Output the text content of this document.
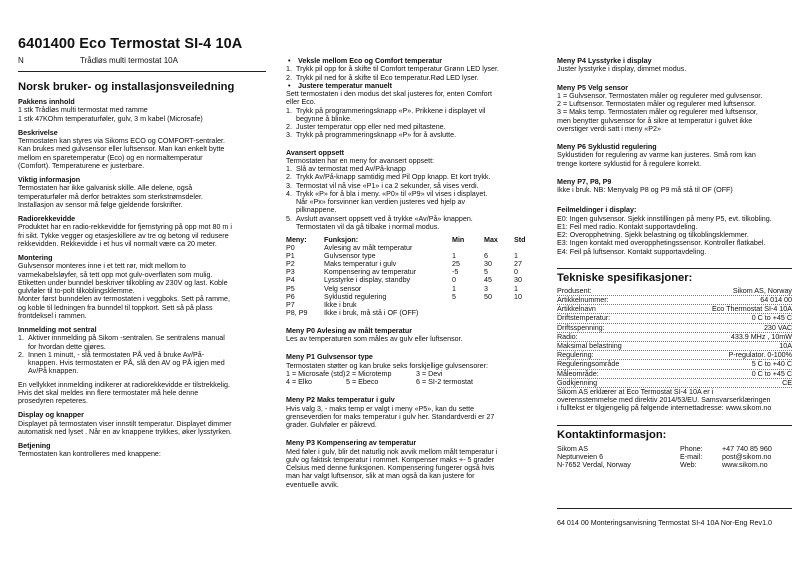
6401400 Eco Termostat SI-4 10A
N	Trådløs multi termostat 10A
Norsk bruker- og installasjonsveiledning
Pakkens innhold
1 stk Trådløs multi termostat med ramme
1 stk 47KOhm temperaturføler, gulv, 3 m kabel (Microsafe)
Beskrivelse
Termostaten kan styres via Sikoms ECO og COMFORT-sentraler.
Kan brukes med gulvsensor eller luftsensor. Man kan enkelt bytte
mellom en sparetemperatur (Eco) og en normaltemperatur
(Comfort). Temperaturene er justerbare.
Viktig informasjon
Termostaten har ikke galvanisk skille. Alle delene, også
temperaturføler må derfor betraktes som sterkstrømsdeler.
Installasjon av sensor må følge gjeldende forskrifter.
Radiorekkevidde
Produktet har en radio-rekkevidde for fjernstyring på opp mot 80 m i
fri sikt. Tykke vegger og etasjeskillere av tre og betong vil redusere
rekkevidden. Rekkevidde i et hus vil normalt være ca 20 meter.
Montering
Gulvsensor monteres inne i et tett rør, midt mellom to
varmekabelsløyfer, så tett opp mot gulv-overflaten som mulig.
Etiketten under bunndel beskriver tilkobling av 230V og last. Koble
gulvføler til to-polt tilkoblingsklemme.
Monter først bunndelen av termostaten i veggboks. Sett på ramme,
og koble til ledningen fra bunndel til toppkort. Sett så på plass
frontdeksel i rammen.
Innmelding mot sentral
1. Aktiver innmelding på Sikom -sentralen. Se sentralens manual
for hvordan dette gjøres.
2. Innen 1 minutt, - slå termostaten PÅ ved å bruke Av/På-
knappen. Hvis termostaten er PÅ, slå den AV og PÅ igjen med
Av/På knappen.
En vellykket innmelding indikerer at radiorekkevidde er tilstrekkelig.
Hvis det skal meldes inn flere termostater må hele denne
prosedyren repeteres.
Display og knapper
Displayet på termostaten viser innstilt temperatur. Displayet dimmer
automatisk ned lyset . Når en av knappene trykkes, øker lysstyrken.
Betjening
Termostaten kan kontrolleres med knappene:
•	Veksle mellom Eco og Comfort temperatur
1. Trykk pil opp for å skifte til Comfort temperatur Grønn LED lyser.
2. Trykk pil ned for å skifte til Eco temperatur.Rød LED lyser.
•	Justere temperatur manuelt
Sett termostaten i den modus det skal justeres for, enten Comfort
eller Eco.
1. Trykk på programmeringsknapp «P». Prikkene i displayet vil
begynne å blinke.
2. Juster temperatur opp eller ned med piltastene.
3. Trykk på programmeringsknapp «P» for å avslutte.
Avansert oppsett
Termostaten har en meny for avansert oppsett:
1. Slå av termostat med Av/På-knapp
2. Trykk Av/På-knapp samtidig med Pil Opp knapp. Et kort trykk.
3. Termostat vil nå vise «P1» i ca 2 sekunder, så vises verdi.
4. Trykk «P» for å bla i meny. «P0» til «P9» vil vises i displayet.
Når «Px» forsvinner kan verdien justeres ved hjelp av
pilknappene.
5. Avslutt avansert oppsett ved å trykke «Av/På» knappen.
Termostaten vil da gå tilbake i normal modus.
Meny:	Funksjon:	Min	Max	Std
P0	Avlesing av målt temperatur			
P1	Gulvsensor type	1	6	1
P2	Maks temperatur i gulv	25	30	27
P3	Kompensering av temperatur	-5	5	0
P4	Lysstyrke i display, standby	0	45	30
P5	Velg sensor	1	3	1
P6	Syklustid regulering	5	50	10
P7	Ikke i bruk			
P8, P9	Ikke i bruk, må stå i OF (OFF)			
Meny P0 Avlesing av målt temperatur
Les av temperaturen som måles av gulv eller luftsensor.
Meny P1 Gulvsensor type
Termostaten støtter og kan bruke seks forskjellige gulvsensorer:
1 = Microsafe (std) 2 = Microtemp	3 = Devi
4 = Elko	5 = Ebeco	6 = SI-2 termostat
Meny P2 Maks temperatur i gulv
Hvis valg 3, - maks temp er valgt i meny «P5», kan du sette
grenseverdien for maks temperatur i gulv her. Standardverdi er 27
grader. Gulvføler er påkrevd.
Meny P3 Kompensering av temperatur
Med føler i gulv, blir det naturlig nok avvik mellom målt temperatur i
gulv og faktisk temperatur i rommet. Kompenser maks +- 5 grader
Celsius med denne funksjonen. Kompensering fungerer også hvis
man har valgt luftsensor, slik at man også da kan justere for
eventuelle avvik.
Meny P4 Lysstyrke i display
Juster lysstyrke i display, dimmet modus.
Meny P5 Velg sensor
1 = Gulvsensor. Termostaten måler og regulerer med gulvsensor.
2 = Luftsensor. Termostaten måler og regulerer med luftsensor.
3 = Maks temp. Termostaten måler og regulerer med luftsensor,
men benytter gulvsensor for å sikre at temperatur i gulvet ikke
overstiger verdi satt i meny «P2»
Meny P6 Syklustid regulering
Syklustiden for regulering av varme kan justeres. Små rom kan
trenge kortere syklustid for å regulere korrekt.
Meny P7, P8, P9
Ikke i bruk. NB: Menyvalg P8 og P9 må stå til OF (OFF)
Feilmeldinger i display:
E0: Ingen gulvsensor. Sjekk innstillingen på meny P5, evt. tilkobling.
E1: Feil med radio. Kontakt supportavdeling.
E2: Overopphetning. Sjekk belastning og tilkoblingsklemmer.
E3: Ingen kontakt med overopphetingssensor. Kontroller flatkabel.
E4: Feil på luftsensor. Kontakt supportavdeling.
Tekniske spesifikasjoner:
Produsent:	Sikom AS, Norway
Artikkelnummer:	64 014 00
Artikkelnavn	Eco Thermostat SI-4 10A
Driftstemperatur:	0 C to +45 C
Driftsspenning:	230 VAC
Radio:	433.9 MHz , 10mW
Maksimal belastning	10A
Regulering:	P-regulator. 0-100%
Reguleringsområde	5 C to +40 C
Måleområde:	0 C to +45 C
Godkjenning	CE
Sikom AS erklærer at Eco Termostat SI-4 10A er i
overensstemmelse med direktiv 2014/53/EU. Samsvarserklæringen
i fulltekst er tilgjengelig på følgende internettadresse: www.sikom.no
Kontaktinformasjon:
Sikom AS	Phone:	+47 740 85 960
Neptunveien 6	E-mail:	post@sikom.no
N-7652 Verdal, Norway	Web:	www.sikom.no
64 014 00 Monteringsanvisning Termostat SI-4 10A Nor-Eng Rev1.0
